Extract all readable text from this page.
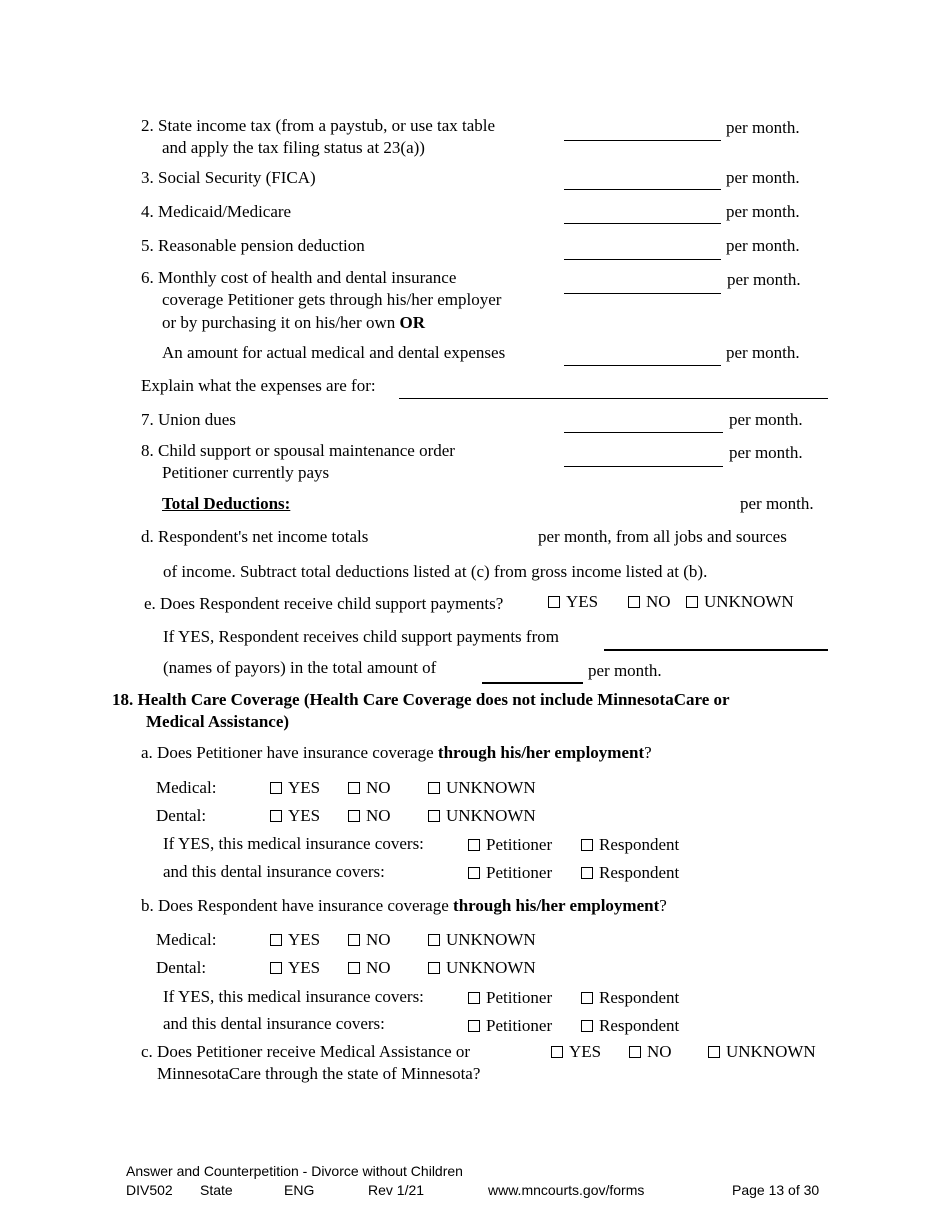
2. State income tax (from a paystub, or use tax table
and apply the tax filing status at 23(a))
per month.
3. Social Security (FICA)	per month.
4. Medicaid/Medicare	per month.
5. Reasonable pension deduction	per month.
6. Monthly cost of health and dental insurance
coverage Petitioner gets through his/her employer
or by purchasing it on his/her own OR
per month.
An amount for actual medical and dental expenses	per month.
Explain what the expenses are for:
7. Union dues	per month.
8. Child support or spousal maintenance order
Petitioner currently pays
per month.
Total Deductions:	per month.
d. Respondent's net income totals	per month, from all jobs and sources
of income. Subtract total deductions listed at (c) from gross income listed at (b).
e. Does Respondent receive child support payments?	YES	NO UNKNOWN
If YES, Respondent receives child support payments from
(names of payors) in the total amount of	per month.
18. Health Care Coverage (Health Care Coverage does not include MinnesotaCare or
Medical Assistance)
a. Does Petitioner have insurance coverage through his/her employment?
Medical:	YES	NO	UNKNOWN
Dental:	YES	NO	UNKNOWN
If YES, this medical insurance covers:	Petitioner	Respondent
and this dental insurance covers:	Petitioner	Respondent
b. Does Respondent have insurance coverage through his/her employment?
Medical:	YES	NO	UNKNOWN
Dental:	YES	NO	UNKNOWN
If YES, this medical insurance covers:	Petitioner	Respondent
and this dental insurance covers:	Petitioner	Respondent
c. Does Petitioner receive Medical Assistance or
MinnesotaCare through the state of Minnesota?
YES	NO	UNKNOWN
Answer and Counterpetition - Divorce without Children
DIV502 State	ENG	Rev 1/21	www.mncourts.gov/forms	Page 13 of 30
